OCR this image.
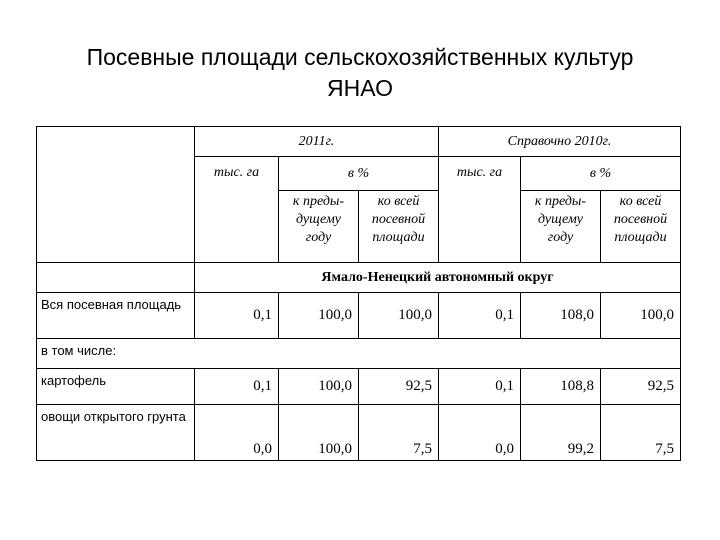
Посевные площади сельскохозяйственных культур
ЯНАО
	2011г.			Справочно 2010г.		
	тыс. га	в %		тыс. га	в %	
		к преды-дущему году	ко всей посевной площади		к преды-дущему году	ко всей посевной площади
	Ямало-Ненецкий автономный округ					
Вся посевная площадь	0,1	100,0	100,0	0,1	108,0	100,0
в том числе:						
картофель	0,1	100,0	92,5	0,1	108,8	92,5
овощи открытого грунта	0,0	100,0	7,5	0,0	99,2	7,5
